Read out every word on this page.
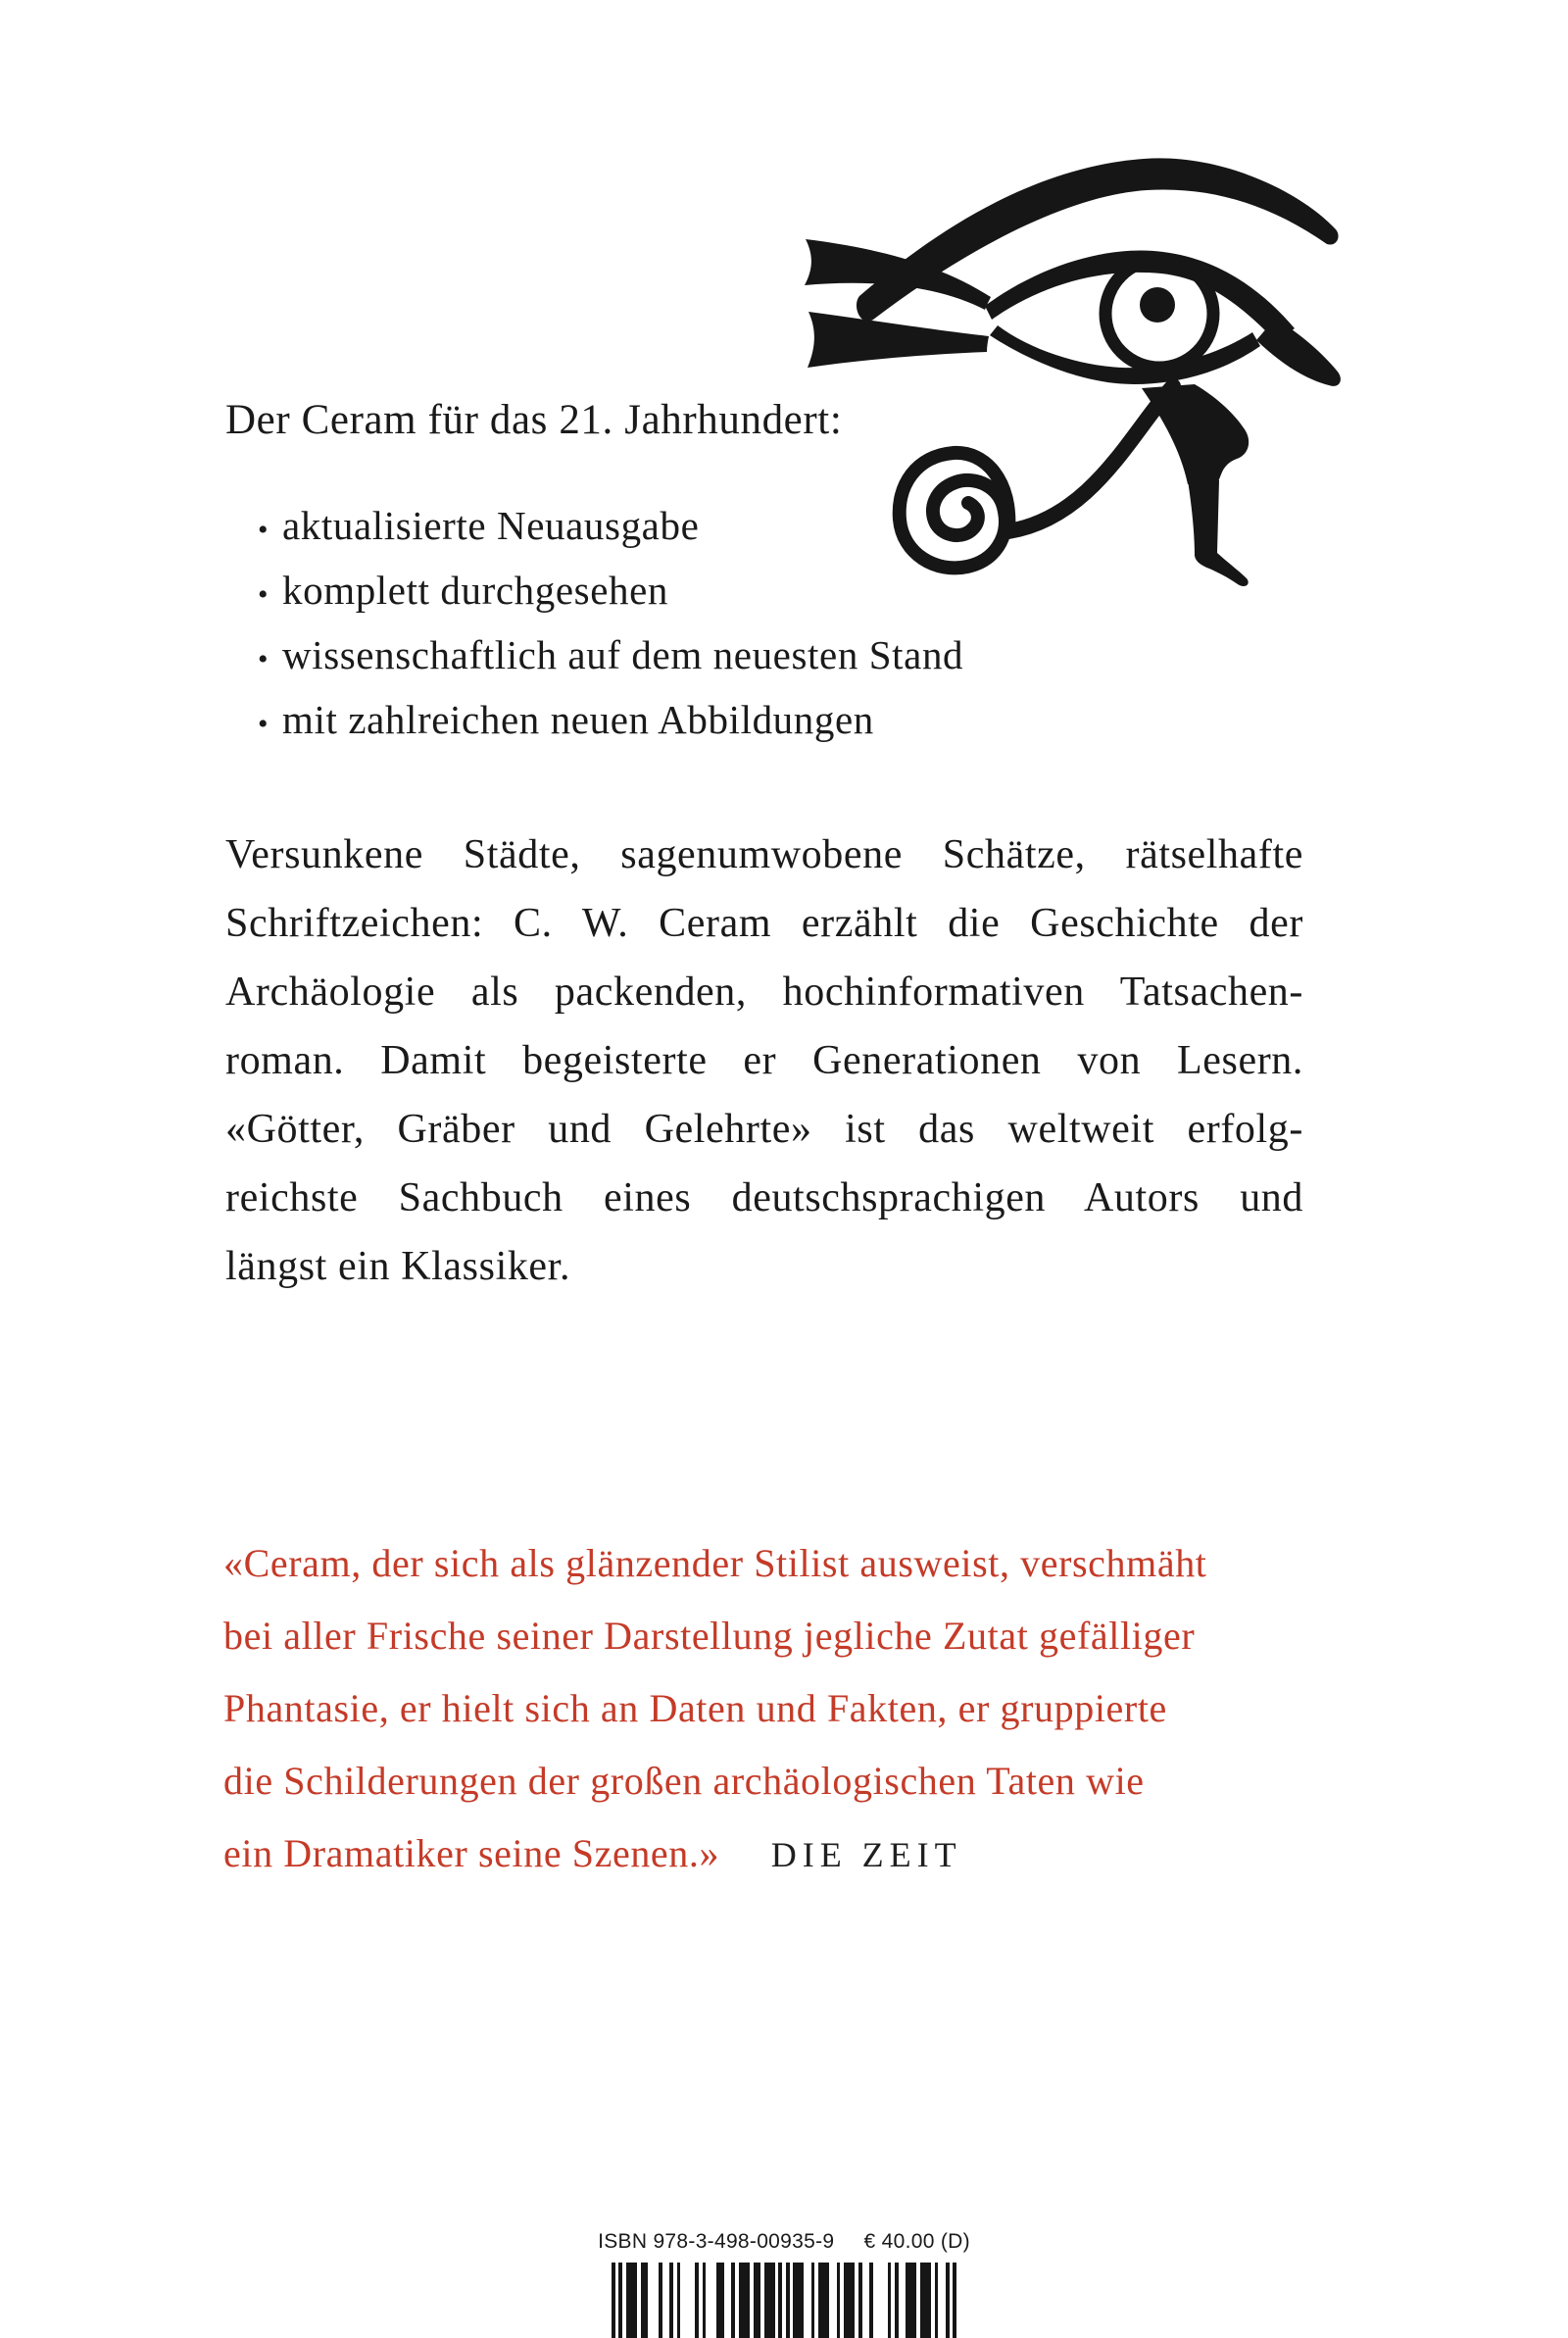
Der Ceram für das 21. Jahrhundert:
• aktualisierte Neuausgabe
• komplett durchgesehen
• wissenschaftlich auf dem neuesten Stand
• mit zahlreichen neuen Abbildungen
Versunkene Städte, sagenumwobene Schätze, rätselhafte
Schriftzeichen: C. W. Ceram erzählt die Geschichte der
Archäologie als packenden, hochinformativen Tatsachen-
roman. Damit begeisterte er Generationen von Lesern.
«Götter, Gräber und Gelehrte» ist das weltweit erfolg-
reichste Sachbuch eines deutschsprachigen Autors und
längst ein Klassiker.
«Ceram, der sich als glänzender Stilist ausweist, verschmäht
bei aller Frische seiner Darstellung jegliche Zutat gefälliger
Phantasie, er hielt sich an Daten und Fakten, er gruppierte
die Schilderungen der großen archäologischen Taten wie
ein Dramatiker seine Szenen.» DIE ZEIT
ISBN 978-3-498-00935-9 € 40.00 (D)
